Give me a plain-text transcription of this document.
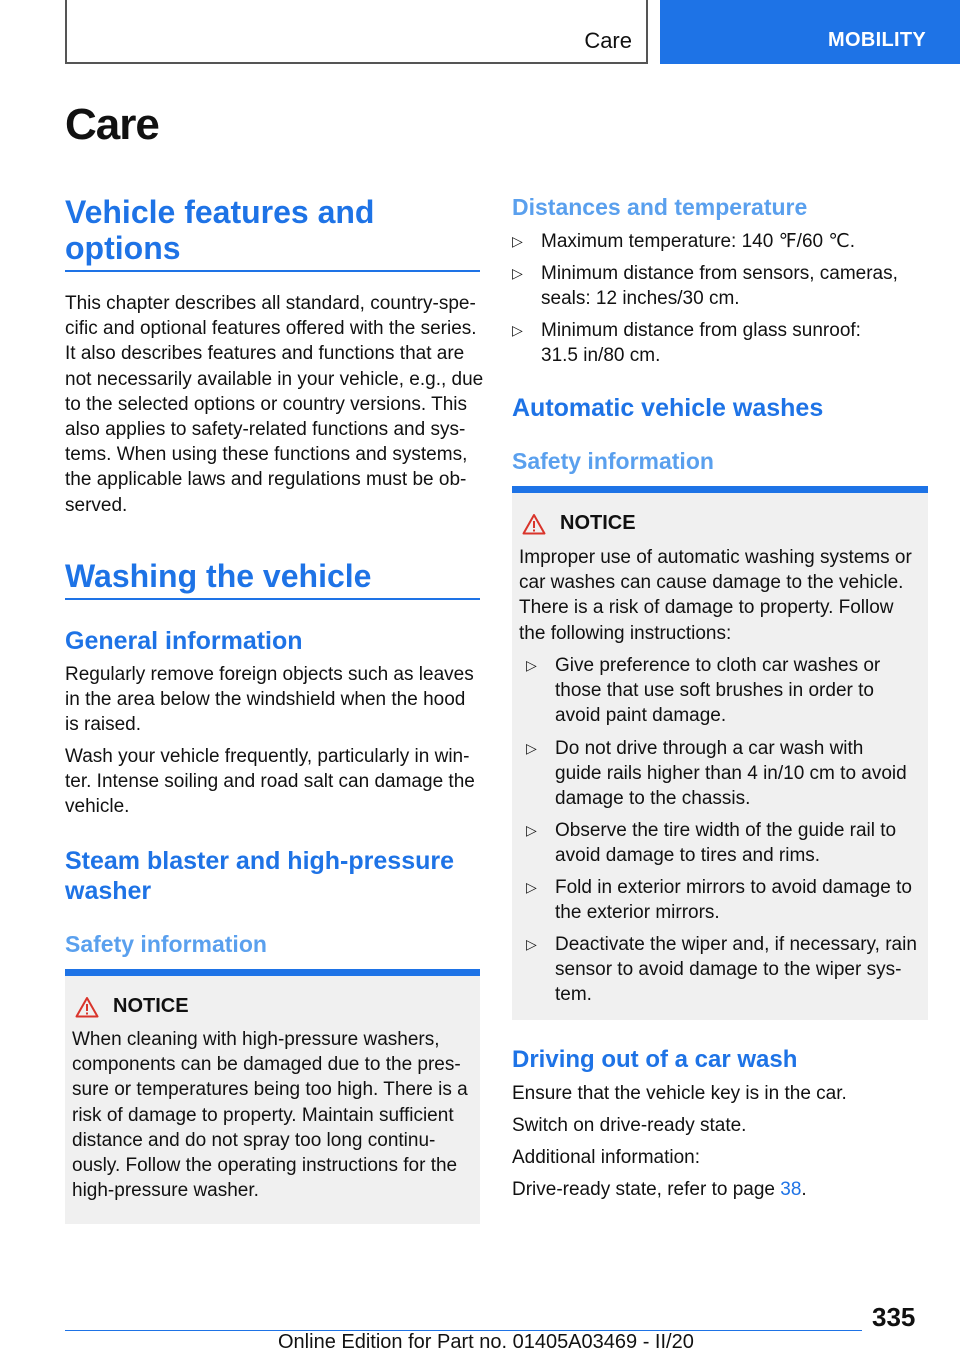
Care	MOBILITY
Care
Vehicle features and
options
This chapter describes all standard, country-spe-
cific and optional features offered with the series.
It also describes features and functions that are
not necessarily available in your vehicle, e.g., due
to the selected options or country versions. This
also applies to safety-related functions and sys-
tems. When using these functions and systems,
the applicable laws and regulations must be ob-
served.
Washing the vehicle
General information
Regularly remove foreign objects such as leaves
in the area below the windshield when the hood
is raised.
Wash your vehicle frequently, particularly in win-
ter. Intense soiling and road salt can damage the
vehicle.
Steam blaster and high-pressure
washer
Safety information
NOTICE
When cleaning with high-pressure washers,
components can be damaged due to the pres-
sure or temperatures being too high. There is a
risk of damage to property. Maintain sufficient
distance and do not spray too long continu-
ously. Follow the operating instructions for the
high-pressure washer.
Distances and temperature
▷ Maximum temperature: 140 ℉/60 ℃.
▷ Minimum distance from sensors, cameras,
seals: 12 inches/30 cm.
▷ Minimum distance from glass sunroof:
31.5 in/80 cm.
Automatic vehicle washes
Safety information
NOTICE
Improper use of automatic washing systems or
car washes can cause damage to the vehicle.
There is a risk of damage to property. Follow
the following instructions:
▷ Give preference to cloth car washes or
those that use soft brushes in order to
avoid paint damage.
▷ Do not drive through a car wash with
guide rails higher than 4 in/10 cm to avoid
damage to the chassis.
▷ Observe the tire width of the guide rail to
avoid damage to tires and rims.
▷ Fold in exterior mirrors to avoid damage to
the exterior mirrors.
▷ Deactivate the wiper and, if necessary, rain
sensor to avoid damage to the wiper sys-
tem.
Driving out of a car wash
Ensure that the vehicle key is in the car.
Switch on drive-ready state.
Additional information:
Drive-ready state, refer to page 38.
335
Online Edition for Part no. 01405A03469 - II/20
